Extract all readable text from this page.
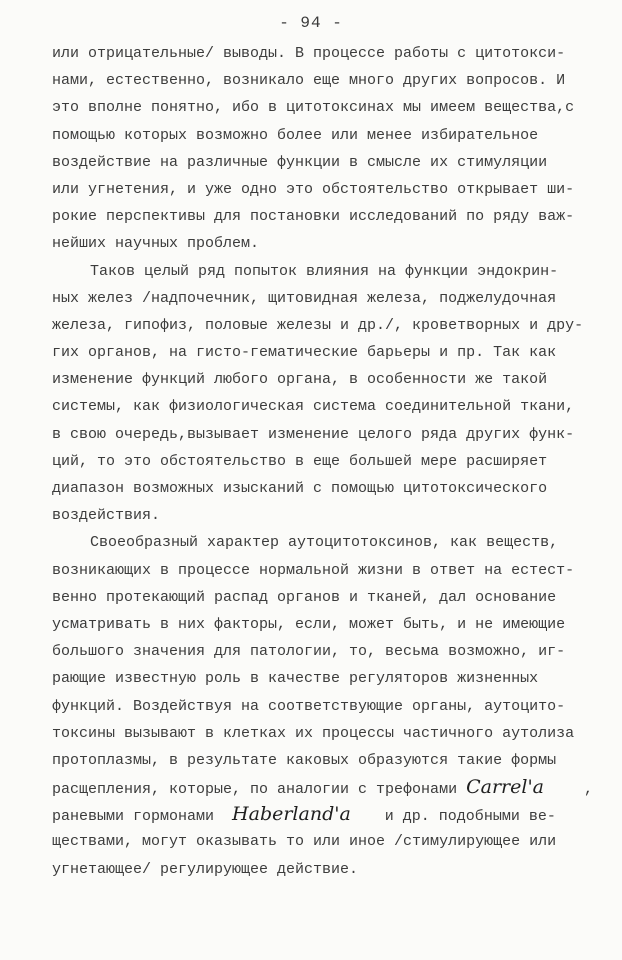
- 94 -
или отрицательные/ выводы. В процессе работы с цитотокси-
нами, естественно, возникало еще много других вопросов. И
это вполне понятно, ибо в цитотоксинах мы имеем вещества,с
помощью которых возможно более или менее избирательное
воздействие на различные функции в смысле их стимуляции
или угнетения, и уже одно это обстоятельство открывает ши-
рокие перспективы для постановки исследований по ряду важ-
нейших научных проблем.
Таков целый ряд попыток влияния на функции эндокрин-
ных желез /надпочечник, щитовидная железа, поджелудочная
железа, гипофиз, половые железы и др./, кроветворных и дру-
гих органов, на гисто-гематические барьеры и пр. Так как
изменение функций любого органа, в особенности же такой
системы, как физиологическая система соединительной ткани,
в свою очередь,вызывает изменение целого ряда других функ-
ций, то это обстоятельство в еще большей мере расширяет
диапазон возможных изысканий с помощью цитотоксического
воздействия.
Своеобразный характер аутоцитотоксинов, как веществ,
возникающих в процессе нормальной жизни в ответ на естест-
венно протекающий распад органов и тканей, дал основание
усматривать в них факторы, если, может быть, и не имеющие
большого значения для патологии, то, весьма возможно, иг-
рающие известную роль в качестве регуляторов жизненных
функций. Воздействуя на соответствующие органы, аутоцито-
токсины вызывают в клетках их процессы частичного аутолиза
протоплазмы, в результате каковых образуются такие формы
расщепления, которые, по аналогии с трефонами Carrel'a	,
раневыми гормонами Haberland'a и др. подобными ве-
ществами, могут оказывать то или иное /стимулирующее или
угнетающее/ регулирующее действие.
